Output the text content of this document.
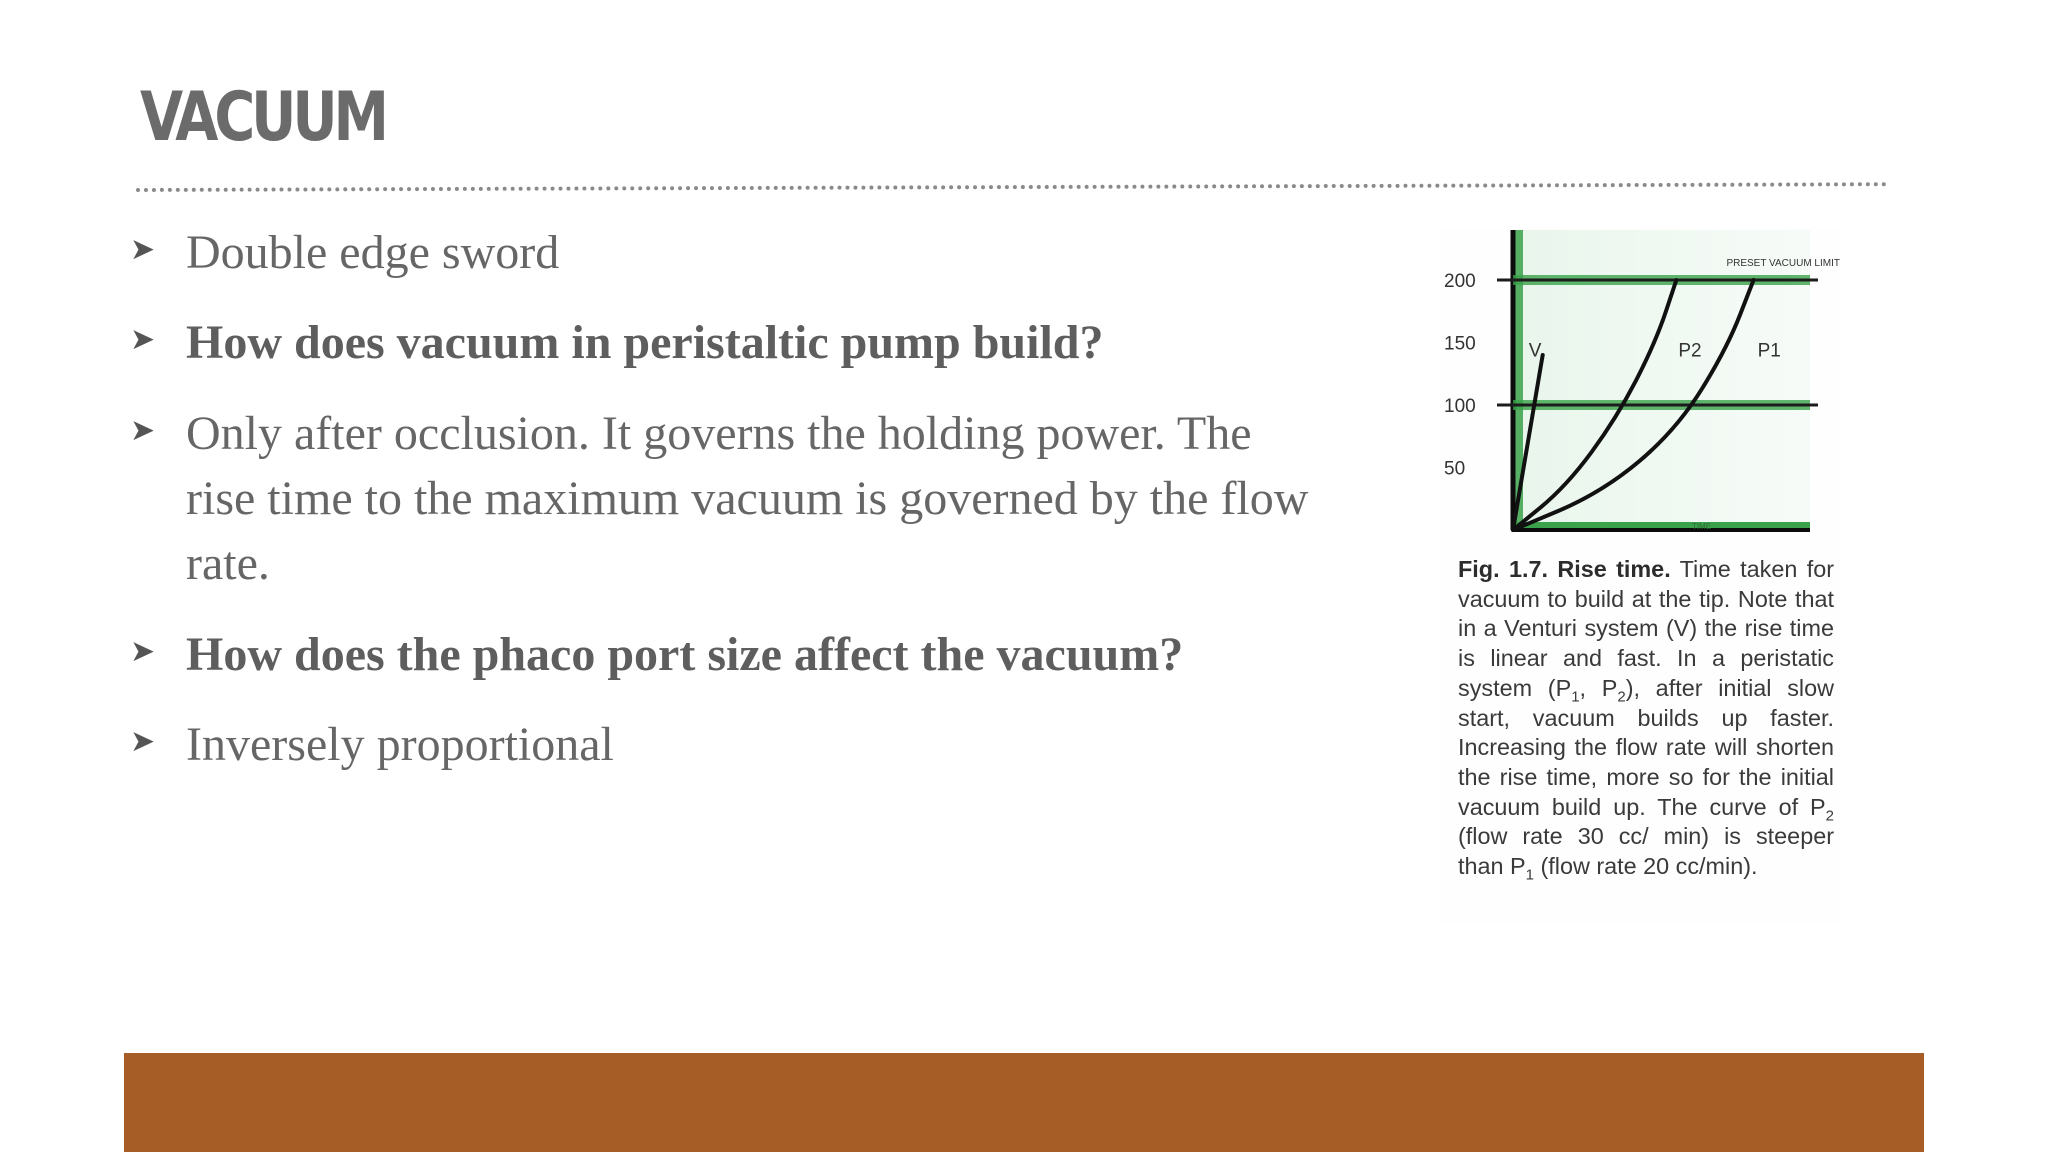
VACUUM
➤ Double edge sword
➤ How does vacuum in peristaltic pump build?
➤ Only after occlusion. It governs the holding power. The rise time to the maximum vacuum is governed by the flow rate.
➤ How does the phaco port size affect the vacuum?
➤ Inversely proportional
PRESET VACUUM LIMIT
200
150
100
50
TIME
V	P2	P1
Fig. 1.7. Rise time. Time taken for vacuum to build at the tip. Note that in a Venturi system (V) the rise time is linear and fast. In a peristatic system ($P_1$, $P_2$), after initial slow start, vacuum builds up faster. Increasing the flow rate will shorten the rise time, more so for the initial vacuum build up. The curve of $P_2$ (flow rate 30 cc/ min) is steeper than $P_1$ (flow rate 20 cc/min).
